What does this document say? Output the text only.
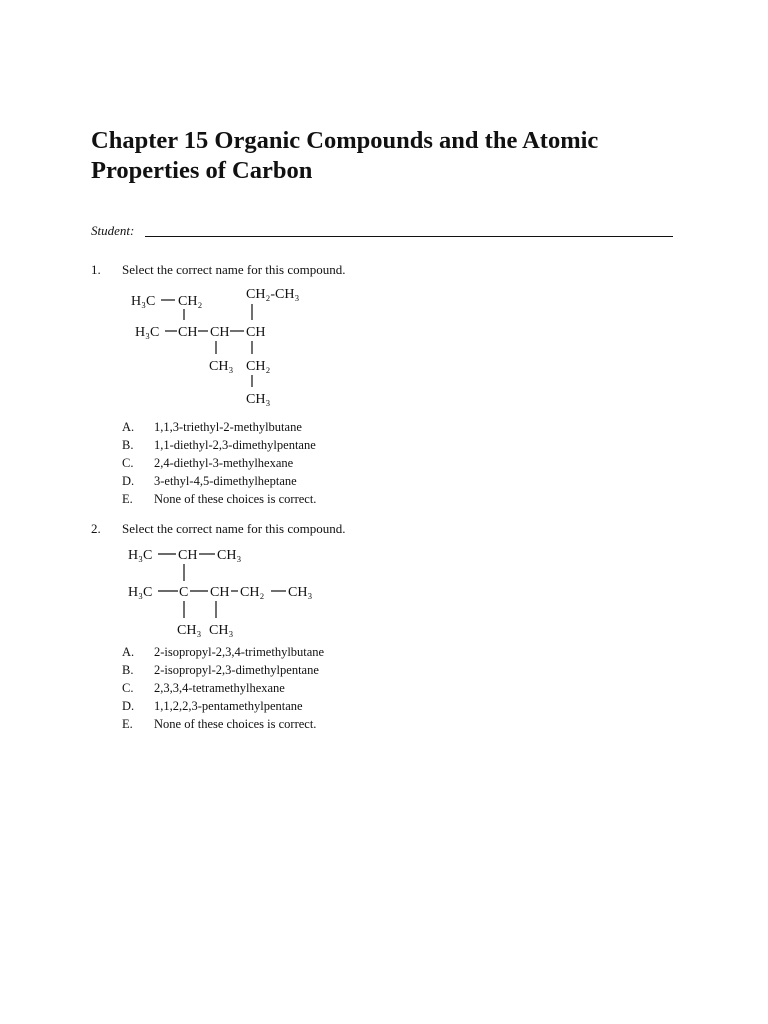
Chapter 15 Organic Compounds and the Atomic
Properties of Carbon
Student:
1. Select the correct name for this compound.
H₃C CH₂	CH₂-CH₃
H₃C CH CH CH
CH₃ CH₂
CH₃
A. 1,1,3-triethyl-2-methylbutane
B. 1,1-diethyl-2,3-dimethylpentane
C. 2,4-diethyl-3-methylhexane
D. 3-ethyl-4,5-dimethylheptane
E. None of these choices is correct.
2. Select the correct name for this compound.
H₃C CH CH₃
H₃C C CH CH₂ CH₃
CH₃ CH₃
A. 2-isopropyl-2,3,4-trimethylbutane
B. 2-isopropyl-2,3-dimethylpentane
C. 2,3,3,4-tetramethylhexane
D. 1,1,2,2,3-pentamethylpentane
E. None of these choices is correct.
